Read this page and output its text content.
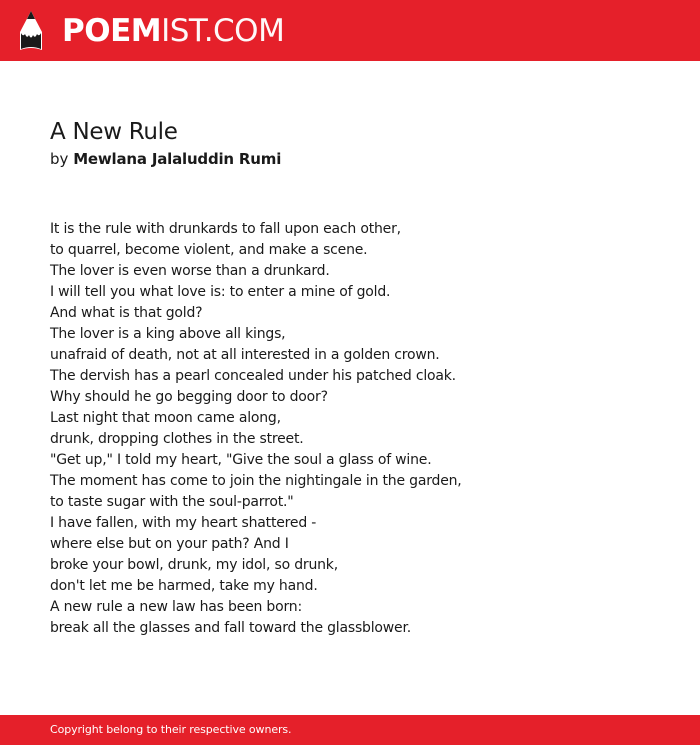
POEMIST.COM
A New Rule
by Mewlana Jalaluddin Rumi
It is the rule with drunkards to fall upon each other,
to quarrel, become violent, and make a scene.
The lover is even worse than a drunkard.
I will tell you what love is: to enter a mine of gold.
And what is that gold?
The lover is a king above all kings,
unafraid of death, not at all interested in a golden crown.
The dervish has a pearl concealed under his patched cloak.
Why should he go begging door to door?
Last night that moon came along,
drunk, dropping clothes in the street.
"Get up," I told my heart, "Give the soul a glass of wine.
The moment has come to join the nightingale in the garden,
to taste sugar with the soul-parrot."
I have fallen, with my heart shattered -
where else but on your path? And I
broke your bowl, drunk, my idol, so drunk,
don't let me be harmed, take my hand.
A new rule a new law has been born:
break all the glasses and fall toward the glassblower.
Copyright belong to their respective owners.
